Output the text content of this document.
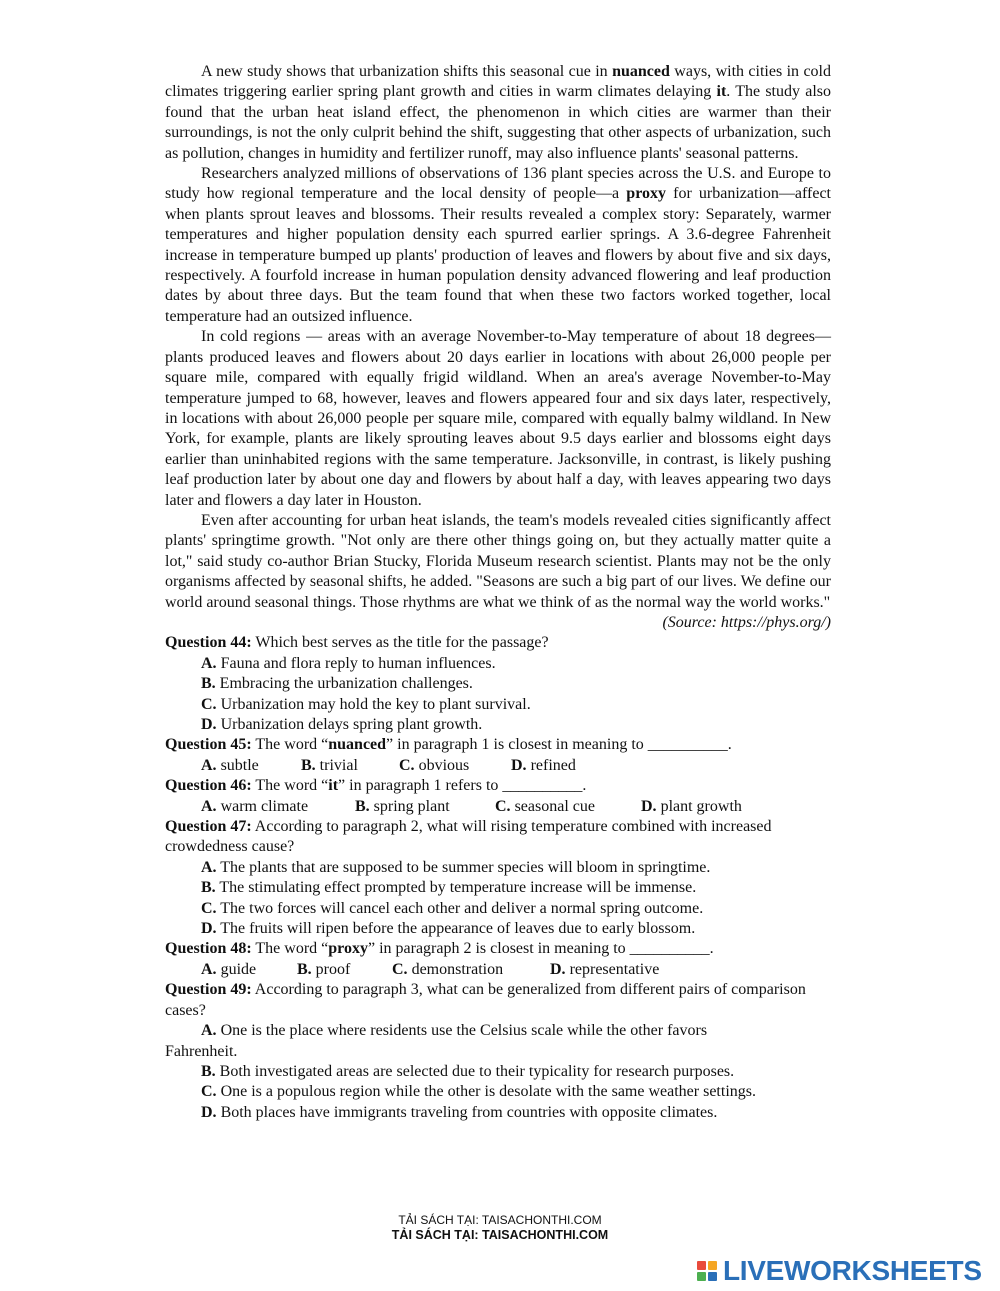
A new study shows that urbanization shifts this seasonal cue in nuanced ways, with cities in cold climates triggering earlier spring plant growth and cities in warm climates delaying it. The study also found that the urban heat island effect, the phenomenon in which cities are warmer than their surroundings, is not the only culprit behind the shift, suggesting that other aspects of urbanization, such as pollution, changes in humidity and fertilizer runoff, may also influence plants' seasonal patterns.

Researchers analyzed millions of observations of 136 plant species across the U.S. and Europe to study how regional temperature and the local density of people—a proxy for urbanization—affect when plants sprout leaves and blossoms. Their results revealed a complex story: Separately, warmer temperatures and higher population density each spurred earlier springs. A 3.6-degree Fahrenheit increase in temperature bumped up plants' production of leaves and flowers by about five and six days, respectively. A fourfold increase in human population density advanced flowering and leaf production dates by about three days. But the team found that when these two factors worked together, local temperature had an outsized influence.

In cold regions — areas with an average November-to-May temperature of about 18 degrees—plants produced leaves and flowers about 20 days earlier in locations with about 26,000 people per square mile, compared with equally frigid wildland. When an area's average November-to-May temperature jumped to 68, however, leaves and flowers appeared four and six days later, respectively, in locations with about 26,000 people per square mile, compared with equally balmy wildland. In New York, for example, plants are likely sprouting leaves about 9.5 days earlier and blossoms eight days earlier than uninhabited regions with the same temperature. Jacksonville, in contrast, is likely pushing leaf production later by about one day and flowers by about half a day, with leaves appearing two days later and flowers a day later in Houston.

Even after accounting for urban heat islands, the team's models revealed cities significantly affect plants' springtime growth. "Not only are there other things going on, but they actually matter quite a lot," said study co-author Brian Stucky, Florida Museum research scientist. Plants may not be the only organisms affected by seasonal shifts, he added. "Seasons are such a big part of our lives. We define our world around seasonal things. Those rhythms are what we think of as the normal way the world works."

(Source: https://phys.org/)

Question 44: Which best serves as the title for the passage?

A. Fauna and flora reply to human influences.

B. Embracing the urbanization challenges.

C. Urbanization may hold the key to plant survival.

D. Urbanization delays spring plant growth.

Question 45: The word “nuanced” in paragraph 1 is closest in meaning to __________.

A. subtle	B. trivial	C. obvious	D. refined

Question 46: The word “it” in paragraph 1 refers to __________.

A. warm climate	B. spring plant	C. seasonal cue	D. plant growth

Question 47: According to paragraph 2, what will rising temperature combined with increased crowdedness cause?

A. The plants that are supposed to be summer species will bloom in springtime.

B. The stimulating effect prompted by temperature increase will be immense.

C. The two forces will cancel each other and deliver a normal spring outcome.

D. The fruits will ripen before the appearance of leaves due to early blossom.

Question 48: The word “proxy” in paragraph 2 is closest in meaning to __________.

A. guide	B. proof	C. demonstration	D. representative

Question 49: According to paragraph 3, what can be generalized from different pairs of comparison cases?

A. One is the place where residents use the Celsius scale while the other favors

Fahrenheit.

B. Both investigated areas are selected due to their typicality for research purposes.

C. One is a populous region while the other is desolate with the same weather settings.

D. Both places have immigrants traveling from countries with opposite climates.

TẢI SÁCH TẠI: TAISACHONTHI.COM
TẢI SÁCH TẠI: TAISACHONTHI.COM
LIVEWORKSHEETS
